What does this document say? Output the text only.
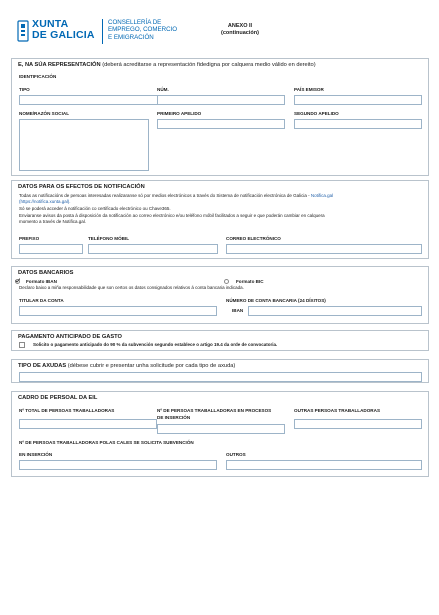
XUNTA
DE GALICIA
CONSELLERÍA DE
EMPREGO, COMERCIO
E EMIGRACIÓN
ANEXO II
(continuación)
E, NA SÚA REPRESENTACIÓN (deberá acreditarse a representación fidedigna por calquera medio válido en dereito)
IDENTIFICACIÓN
TIPO	NÚM.	PAÍS EMISOR
NOME/RAZÓN SOCIAL	PRIMEIRO APELIDO	SEGUNDO APELIDO
DATOS PARA OS EFECTOS DE NOTIFICACIÓN
Todas as notificacións de persoas interesadas realizaranse só por medios electrónicos a través do Sistema de notificación electrónica de Galicia - Notifica.gal
(https://notifica.xunta.gal).
Só se poderá acceder á notificación co certificado electrónico ou Chave365.
Enviaranse avisos da posta á disposición da notificación ao correo electrónico e/ou teléfono móbil facilitados a seguir e que poderán cambiar en calquera
momento a través de Notifica.gal.
PREFIXO	TELÉFONO MÓBIL	CORREO ELECTRÓNICO
DATOS BANCARIOS
Formato IBAN	Formato BIC
Declaro baixo a miña responsabilidade que son certos os datos consignados relativos á conta bancaria indicada.
TITULAR DA CONTA	NÚMERO DE CONTA BANCARIA (24 DÍXITOS)
IBAN
PAGAMENTO ANTICIPADO DE GASTO
Solicito o pagamento anticipado do 90 % da subvención segundo establece o artigo 19.4 da orde de convocatoria.
TIPO DE AXUDAS (débese cubrir e presentar unha solicitude por cada tipo de axuda)
CADRO DE PERSOAL DA EIL
Nº TOTAL DE PERSOAS TRABALLADORAS	Nº DE PERSOAS TRABALLADORAS EN PROCESOS
DE INSERCIÓN
OUTRAS PERSOAS TRABALLADORAS
Nº DE PERSOAS TRABALLADORAS POLAS CALES SE SOLICITA SUBVENCIÓN
EN INSERCIÓN	OUTROS
